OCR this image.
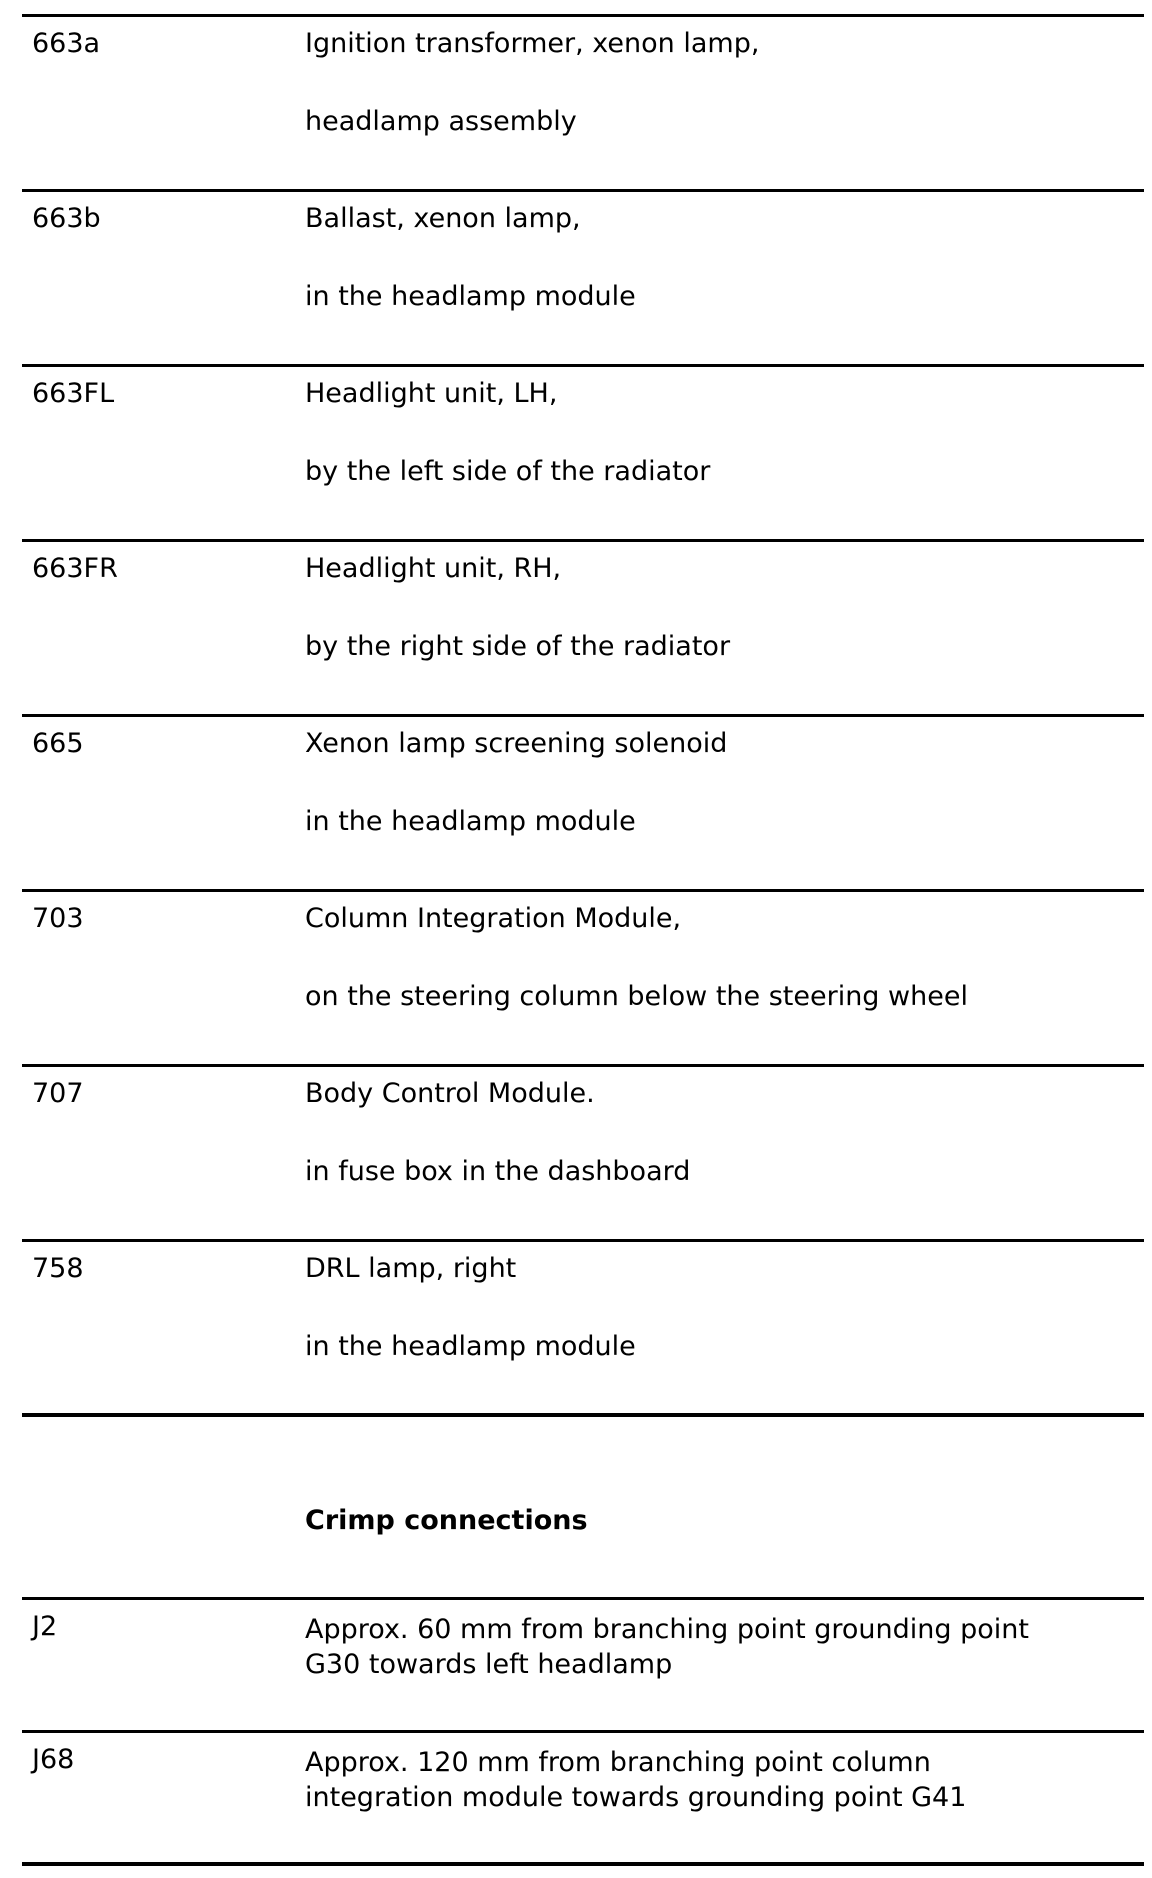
663a	Ignition transformer, xenon lamp,
headlamp assembly
663b	Ballast, xenon lamp,
in the headlamp module
663FL	Headlight unit, LH,
by the left side of the radiator
663FR	Headlight unit, RH,
by the right side of the radiator
665	Xenon lamp screening solenoid
in the headlamp module
703	Column Integration Module,
on the steering column below the steering wheel
707	Body Control Module.
in fuse box in the dashboard
758	DRL lamp, right
in the headlamp module
Crimp connections
J2	Approx. 60 mm from branching point grounding point
G30 towards left headlamp
J68	Approx. 120 mm from branching point column
integration module towards grounding point G41
